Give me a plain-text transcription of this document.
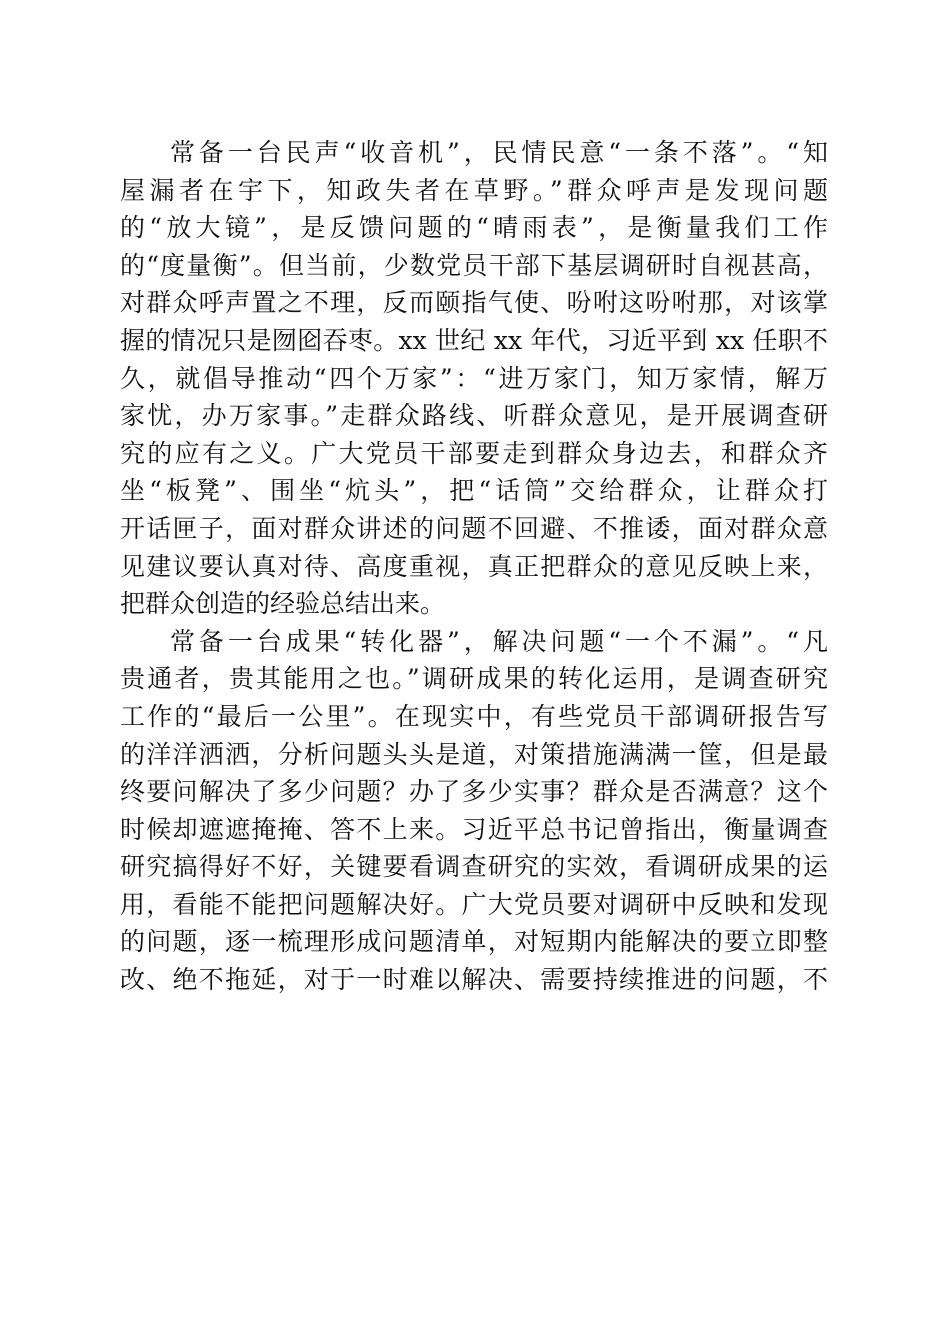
常备一台民声“收音机”，民情民意“一条不落”。“知
屋漏者在宇下，知政失者在草野。”群众呼声是发现问题
的“放大镜”，是反馈问题的“晴雨表”，是衡量我们工作
的“度量衡”。但当前，少数党员干部下基层调研时自视甚高，
对群众呼声置之不理，反而颐指气使、吩咐这吩咐那，对该掌
握的情况只是囫囵吞枣。xx 世纪 xx 年代，习近平到 xx 任职不
久，就倡导推动“四个万家”：“进万家门，知万家情，解万
家忧，办万家事。”走群众路线、听群众意见，是开展调查研
究的应有之义。广大党员干部要走到群众身边去，和群众齐
坐“板凳”、围坐“炕头”，把“话筒”交给群众，让群众打
开话匣子，面对群众讲述的问题不回避、不推诿，面对群众意
见建议要认真对待、高度重视，真正把群众的意见反映上来，
把群众创造的经验总结出来。
常备一台成果“转化器”，解决问题“一个不漏”。“凡
贵通者，贵其能用之也。”调研成果的转化运用，是调查研究
工作的“最后一公里”。在现实中，有些党员干部调研报告写
的洋洋洒洒，分析问题头头是道，对策措施满满一筐，但是最
终要问解决了多少问题？办了多少实事？群众是否满意？这个
时候却遮遮掩掩、答不上来。习近平总书记曾指出，衡量调查
研究搞得好不好，关键要看调查研究的实效，看调研成果的运
用，看能不能把问题解决好。广大党员要对调研中反映和发现
的问题，逐一梳理形成问题清单，对短期内能解决的要立即整
改、绝不拖延，对于一时难以解决、需要持续推进的问题，不
